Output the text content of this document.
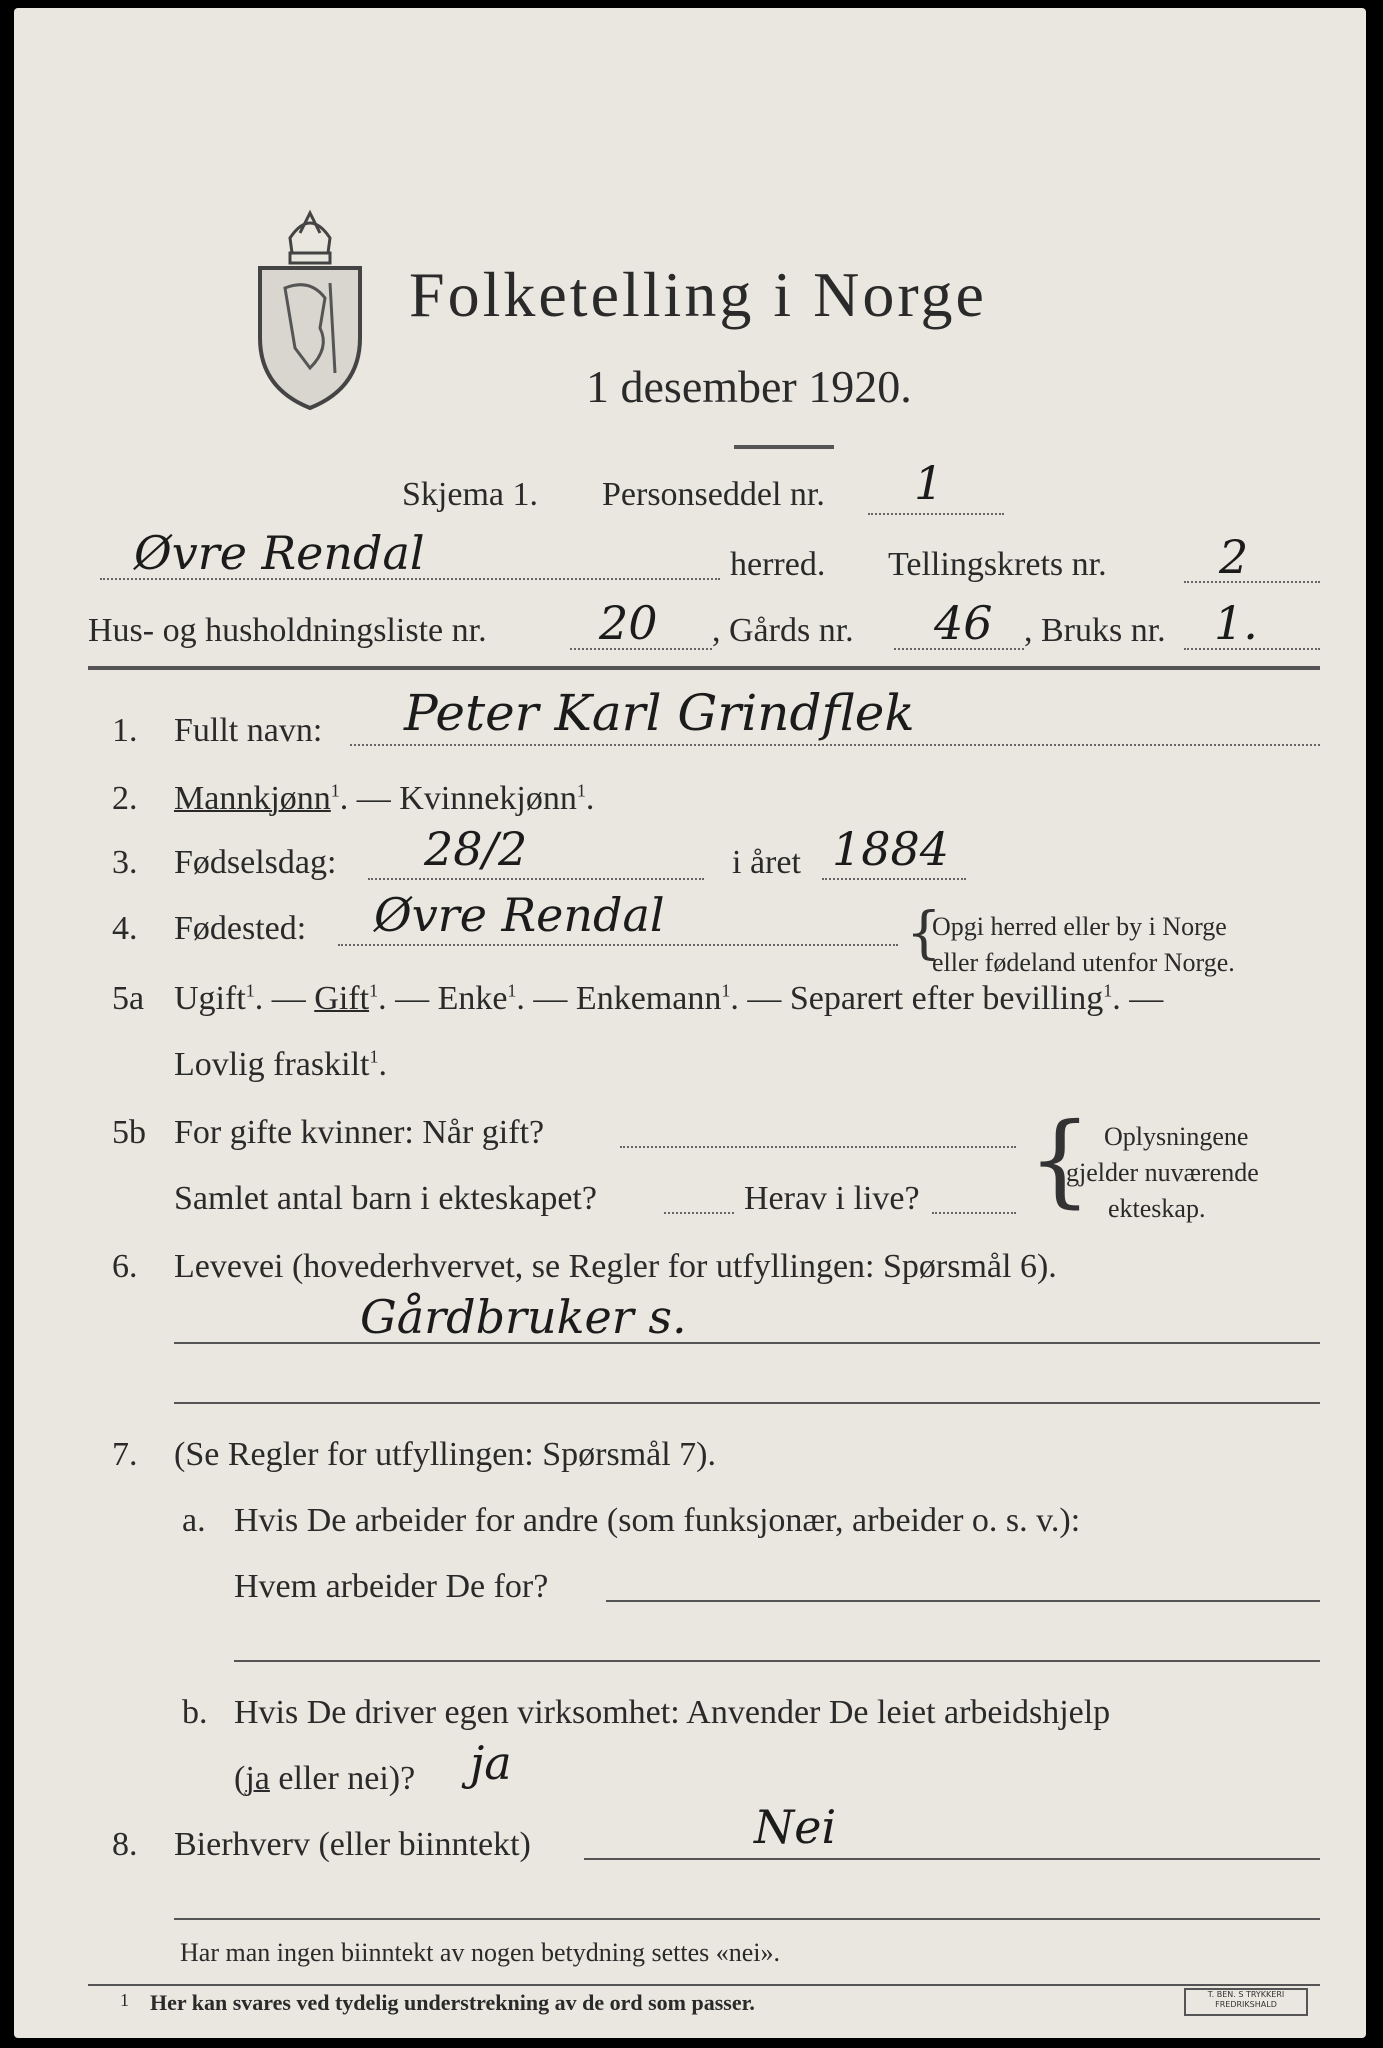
Folketelling i Norge
1 desember 1920.
Skjema 1. Personseddel nr. 1
Øvre Rendal	herred. Tellingskrets nr. 2
Hus- og husholdningsliste nr. 20 , Gårds nr. 46 , Bruks nr. 1.
1. Fullt navn: Peter Karl Grindflek
2. Mannkjønn$^1$. — Kvinnekjønn$^1$.
3. Fødselsdag: 28/2	i året 1884
4. Fødested: Øvre Rendal	{
Opgi herred eller by i Norge
eller fødeland utenfor Norge.
5a Ugift$^1$. — Gift$^1$. — Enke$^1$. — Enkemann$^1$. — Separert efter bevilling$^1$. —
Lovlig fraskilt$^1$.
5b For gifte kvinner: Når gift?
Samlet antal barn i ekteskapet?	Herav i live? { Oplysningene
gjelder nuværende
ekteskap.
6. Levevei (hovederhvervet, se Regler for utfyllingen: Spørsmål 6).
Gårdbruker s.
7. (Se Regler for utfyllingen: Spørsmål 7).
a. Hvis De arbeider for andre (som funksjonær, arbeider o. s. v.):
Hvem arbeider De for?
b. Hvis De driver egen virksomhet: Anvender De leiet arbeidshjelp
(ja eller nei)? ja
8. Bierhverv (eller biinntekt)	Nei
Har man ingen biinntekt av nogen betydning settes «nei».
1 Her kan svares ved tydelig understrekning av de ord som passer.	T. BEN. S TRYKKERI FREDRIKSHALD
